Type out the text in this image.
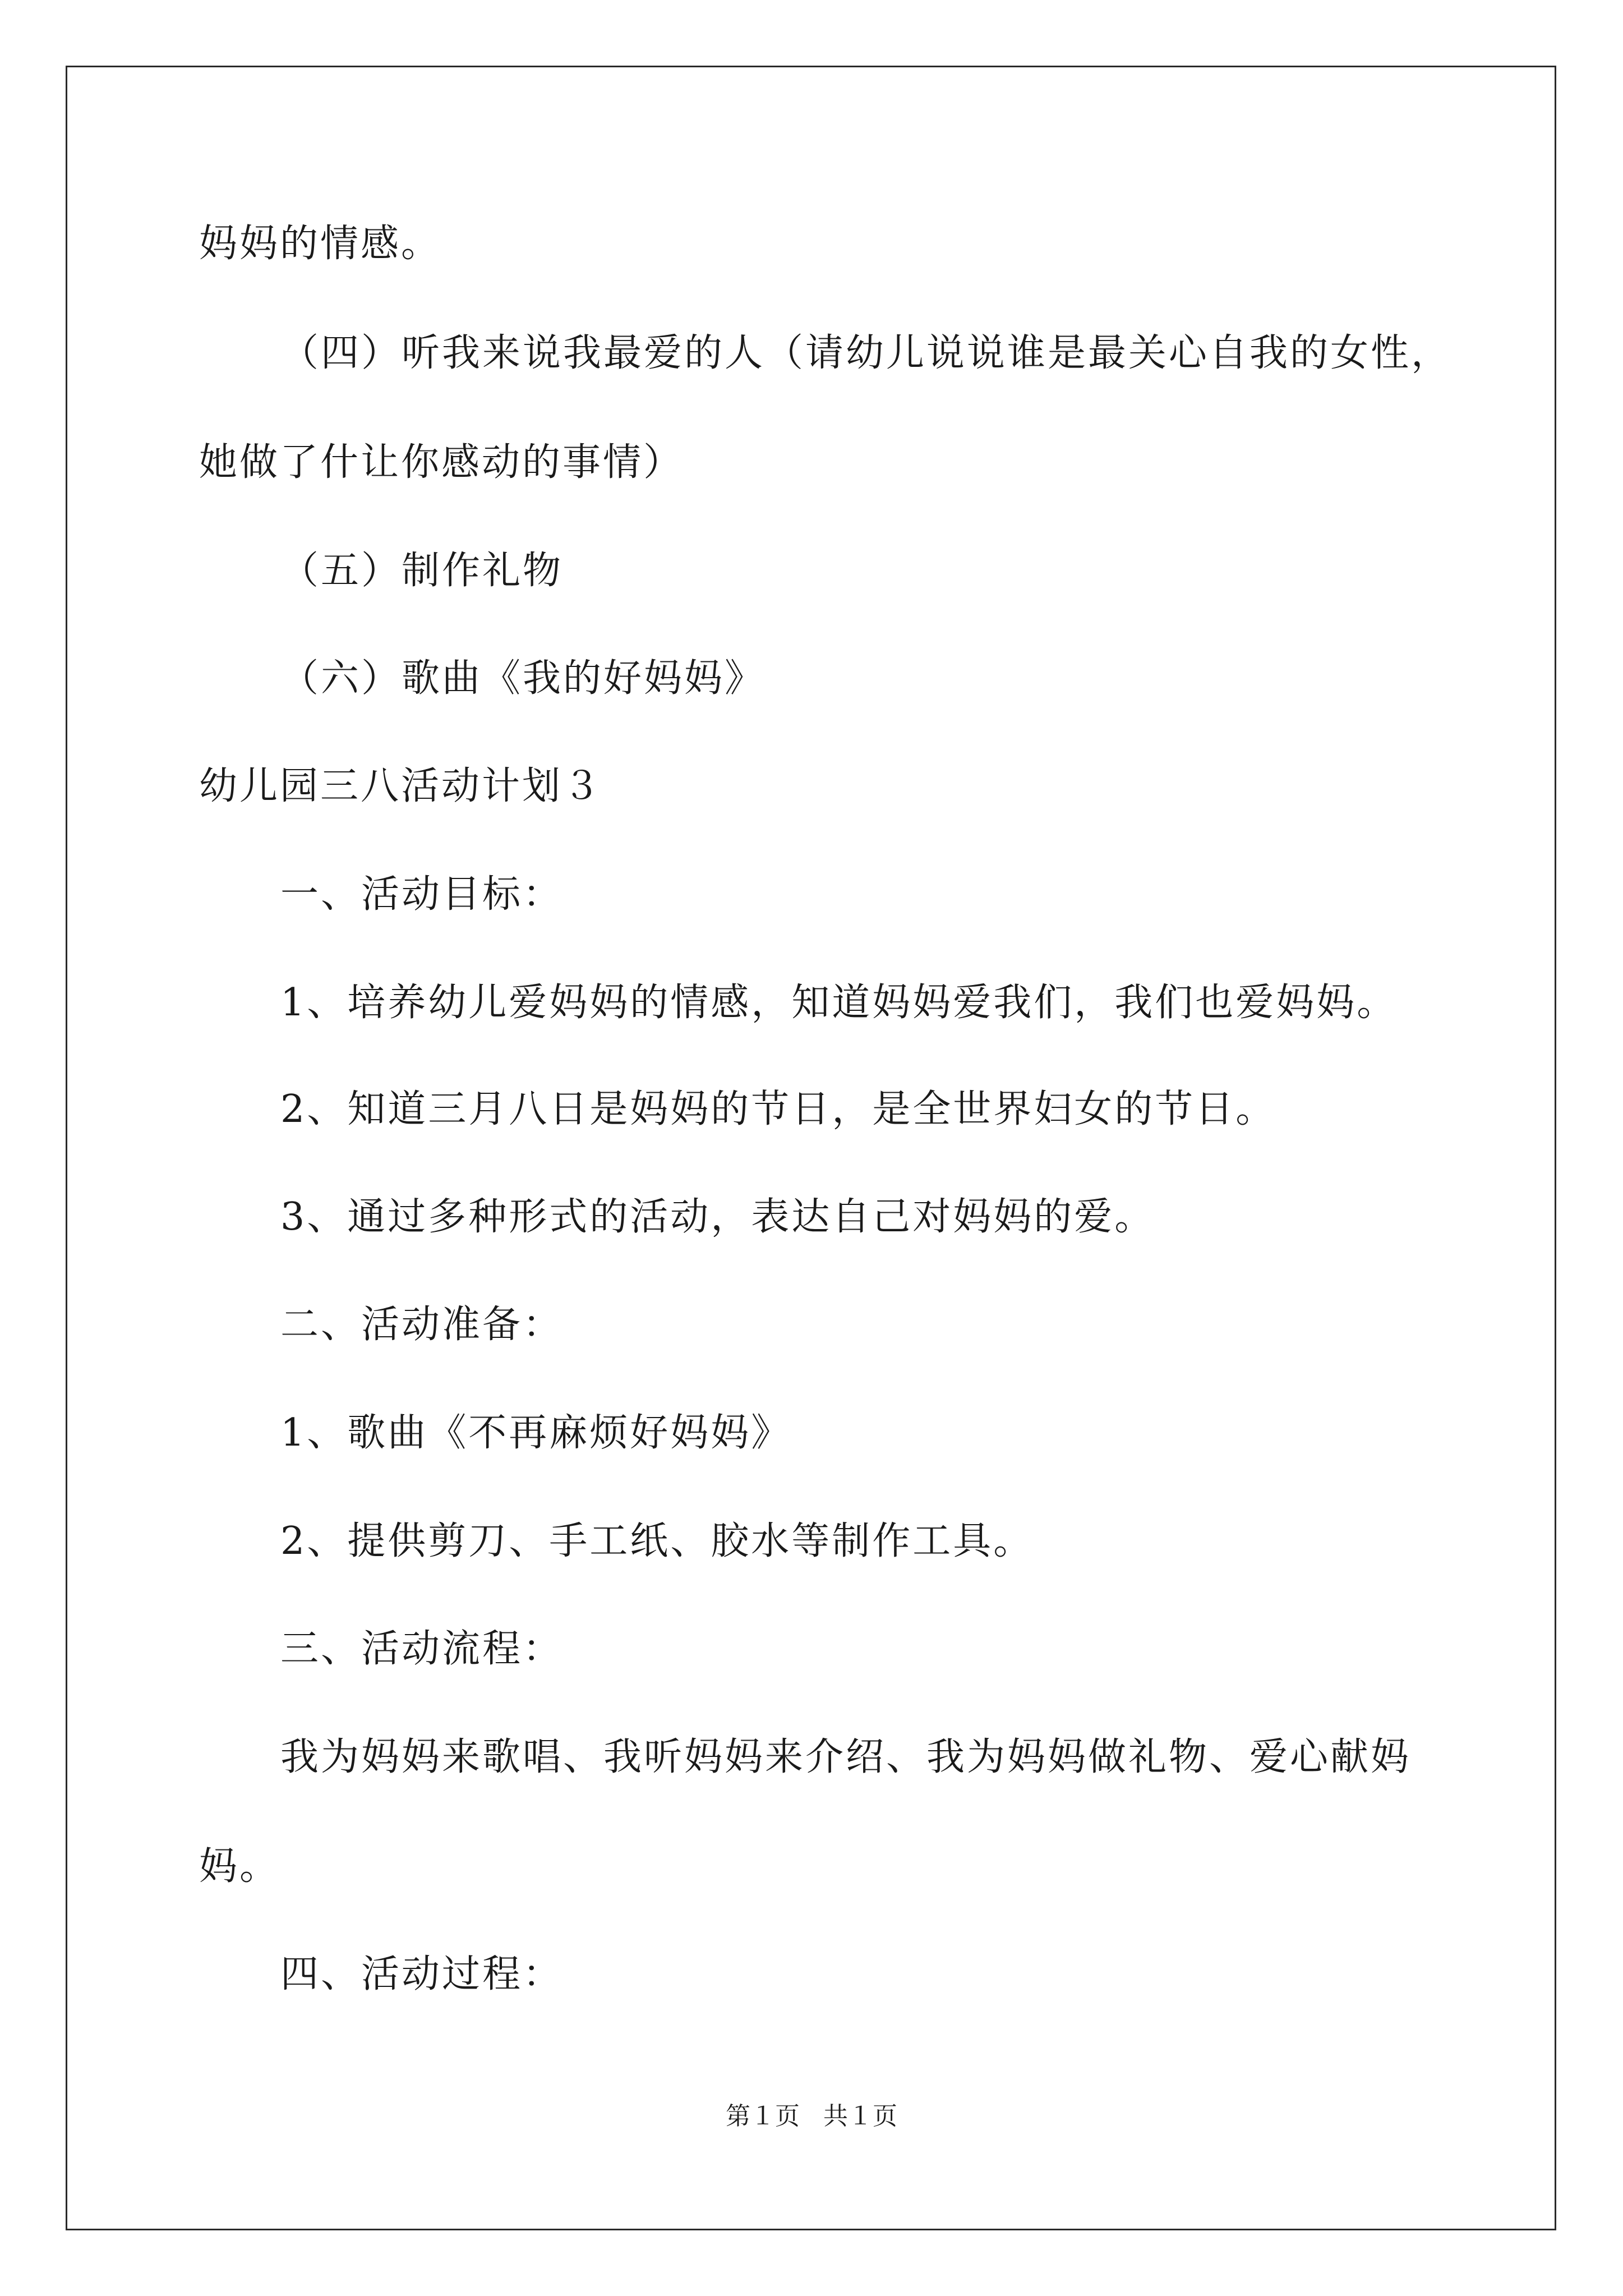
妈妈的情感。
（四）听我来说我最爱的人（请幼儿说说谁是最关心自我的女性，
她做了什让你感动的事情）
（五）制作礼物
（六）歌曲《我的好妈妈》
幼儿园三八活动计划３
一、活动目标：
1、培养幼儿爱妈妈的情感，知道妈妈爱我们，我们也爱妈妈。
2、知道三月八日是妈妈的节日，是全世界妇女的节日。
3、通过多种形式的活动，表达自己对妈妈的爱。
二、活动准备：
1、歌曲《不再麻烦好妈妈》
2、提供剪刀、手工纸、胶水等制作工具。
三、活动流程：
我为妈妈来歌唱、我听妈妈来介绍、我为妈妈做礼物、爱心献妈
妈。
四、活动过程：
第１页   共１页
